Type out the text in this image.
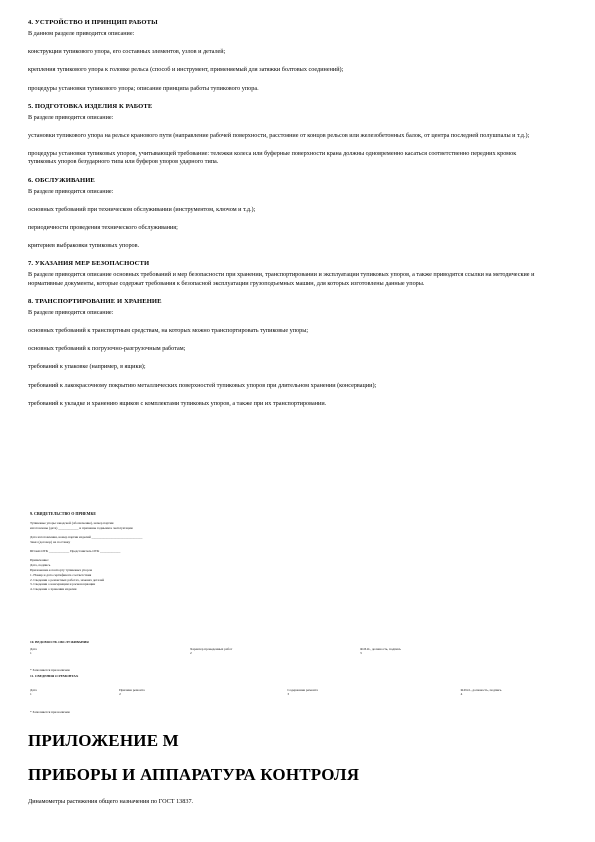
4. УСТРОЙСТВО И ПРИНЦИП РАБОТЫ
В данном разделе приводится описание:
конструкции тупикового упора, его составных элементов, узлов и деталей;
крепления тупикового упора к головке рельса (способ и инструмент, применяемый для затяжки болтовых соединений);
процедуры установки тупикового упора; описание принципа работы тупикового упора.
5. ПОДГОТОВКА ИЗДЕЛИЯ К РАБОТЕ
В разделе приводится описание:
установки тупикового упора на рельсе кранового пути (направление рабочей поверхности, расстояние от концов рельсов или железобетонных балок, от центра последней полушпалы и т.д.);
процедуры установки тупиковых упоров, учитывающей требование: тележки колеса или буферные поверхности крана должны одновременно касаться соответственно передних кромок тупиковых упоров безударного типа или буферов упоров ударного типа.
6. ОБСЛУЖИВАНИЕ
В разделе приводится описание:
основных требований при техническом обслуживании (инструментом, ключом и т.д.);
периодичности проведения технического обслуживания;
критериев выбраковки тупиковых упоров.
7. УКАЗАНИЯ МЕР БЕЗОПАСНОСТИ
В разделе приводится описание основных требований и мер безопасности при хранении, транспортировании и эксплуатации тупиковых упоров, а также приводятся ссылки на методические и нормативные документы, которые содержат требования к безопасной эксплуатации грузоподъемных машин, для которых изготовлены данные упоры.
8. ТРАНСПОРТИРОВАНИЕ И ХРАНЕНИЕ
В разделе приводится описание:
основных требований к транспортным средствам, на которых можно транспортировать тупиковые упоры;
основных требований к погрузочно-разгрузочным работам;
требований к упаковке (например, в ящики);
требований к лакокрасочному покрытию металлических поверхностей тупиковых упоров при длительном хранении (консервации);
требований к укладке и хранению ящиков с комплектами тупиковых упоров, а также при их транспортировании.
9. СВИДЕТЕЛЬСТВО О ПРИЕМКЕ
Тупиковые упоры заводской (обозначение), номер партии
изготовлены (дата) ____________ и признаны годными к эксплуатации
Дата изготовления, номер партии изделий ______________________________
Заказ (договор) на поставку
Штамп ОТК ____________ Представитель ОТК ____________
Примечание:
Дата, подпись
Приложение к паспорту тупиковых упоров
1. Номер и дата сертификата соответствия
2. Сведения о ремонтных работах, заменах деталей
3. Сведения о консервации и расконсервации
4. Сведения о хранении изделия
10. ВЕДОМОСТЬ ОБСЛУЖИВАНИЯ
Дата	Характер проведенных работ	Ф.И.О., должность, подпись
1	2	3
* Заполняется при наличии
11. СВЕДЕНИЯ О РЕМОНТАХ
Дата	Причина ремонта	Содержание ремонта	Ф.И.О., должность, подпись
1	2	3	4
* Заполняется при наличии
ПРИЛОЖЕНИЕ М
ПРИБОРЫ И АППАРАТУРА КОНТРОЛЯ
Динамометры растяжения общего назначения по ГОСТ 13837.
